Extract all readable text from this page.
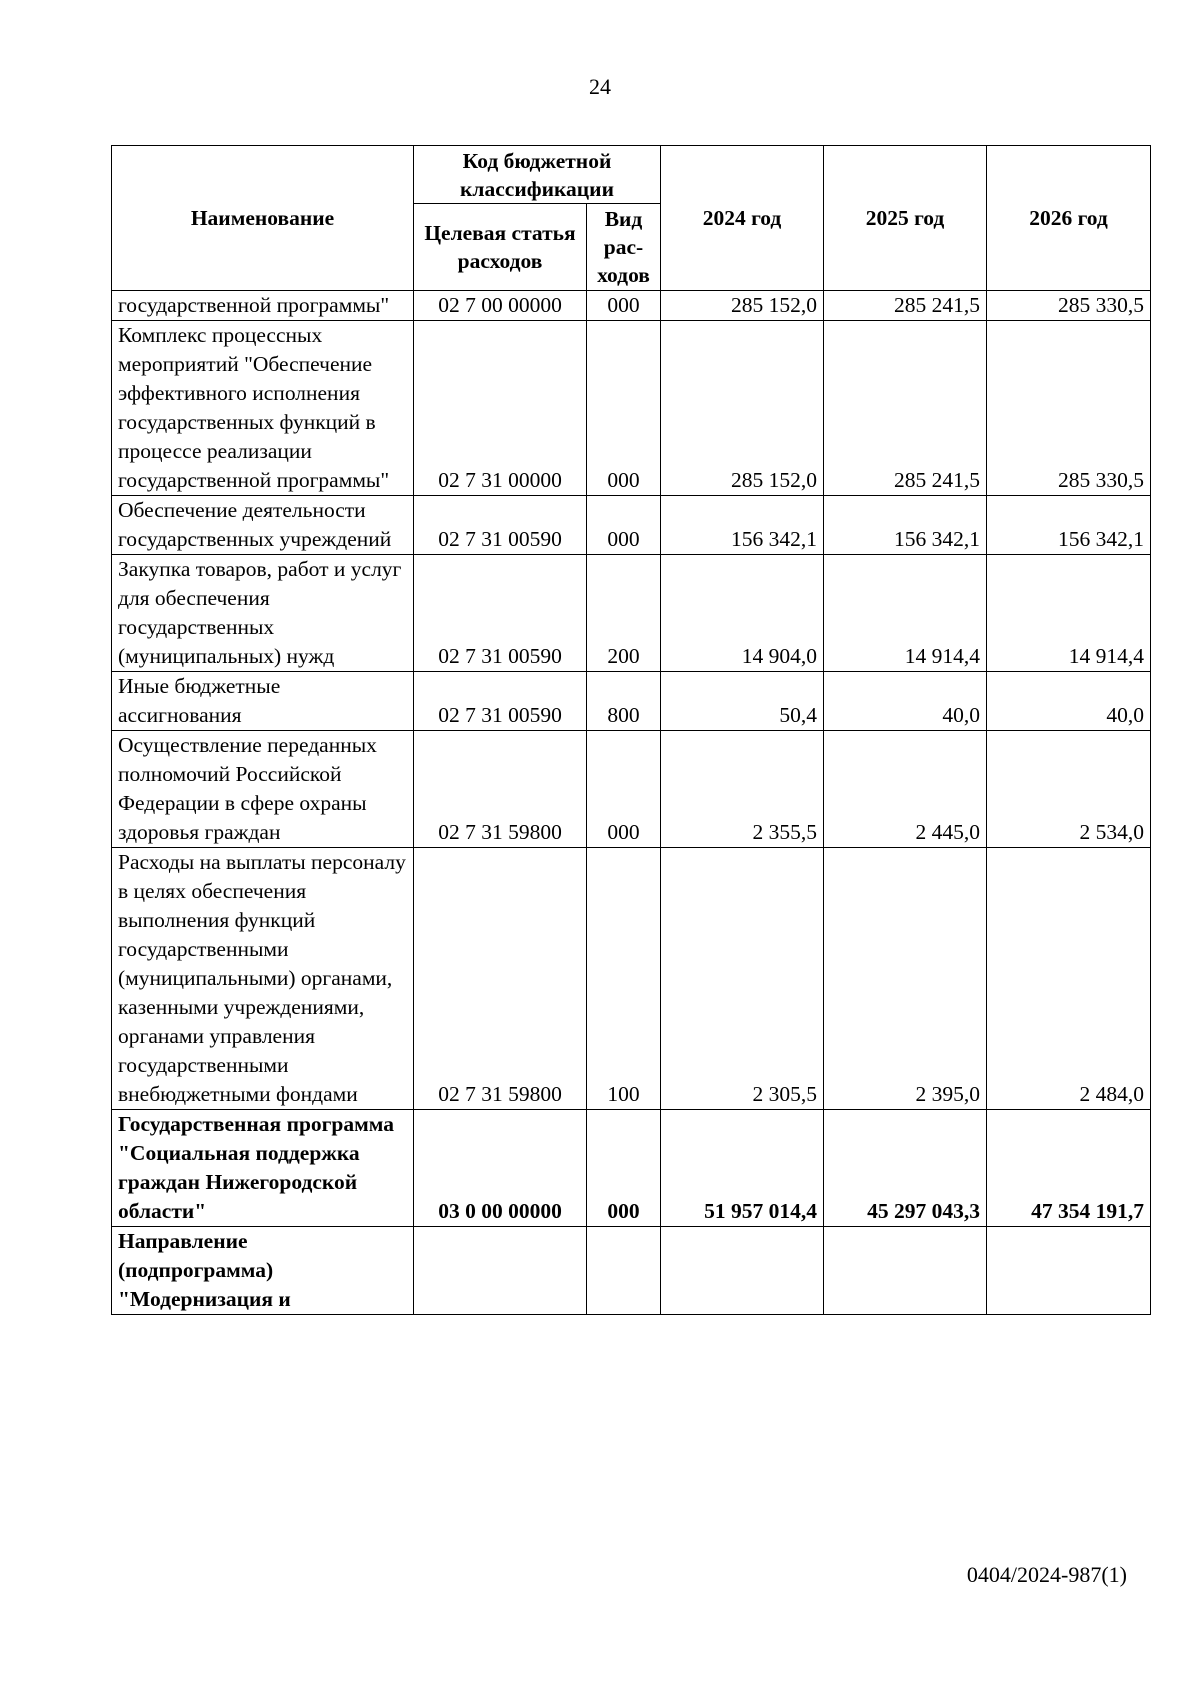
24
Наименование	Код бюджетной классификации		2024 год	2025 год	2026 год
	Целевая статья расходов	Вид рас-ходов			
государственной программы"	02 7 00 00000	000	285 152,0	285 241,5	285 330,5
Комплекс процессных мероприятий "Обеспечение эффективного исполнения государственных функций в процессе реализации государственной программы"	02 7 31 00000	000	285 152,0	285 241,5	285 330,5
Обеспечение деятельности государственных учреждений	02 7 31 00590	000	156 342,1	156 342,1	156 342,1
Закупка товаров, работ и услуг для обеспечения государственных (муниципальных) нужд	02 7 31 00590	200	14 904,0	14 914,4	14 914,4
Иные бюджетные ассигнования	02 7 31 00590	800	50,4	40,0	40,0
Осуществление переданных полномочий Российской Федерации в сфере охраны здоровья граждан	02 7 31 59800	000	2 355,5	2 445,0	2 534,0
Расходы на выплаты персоналу в целях обеспечения выполнения функций государственными (муниципальными) органами, казенными учреждениями, органами управления государственными внебюджетными фондами	02 7 31 59800	100	2 305,5	2 395,0	2 484,0
Государственная программа "Социальная поддержка граждан Нижегородской области"	03 0 00 00000	000	51 957 014,4	45 297 043,3	47 354 191,7
Направление (подпрограмма) "Модернизация и					
0404/2024-987(1)
